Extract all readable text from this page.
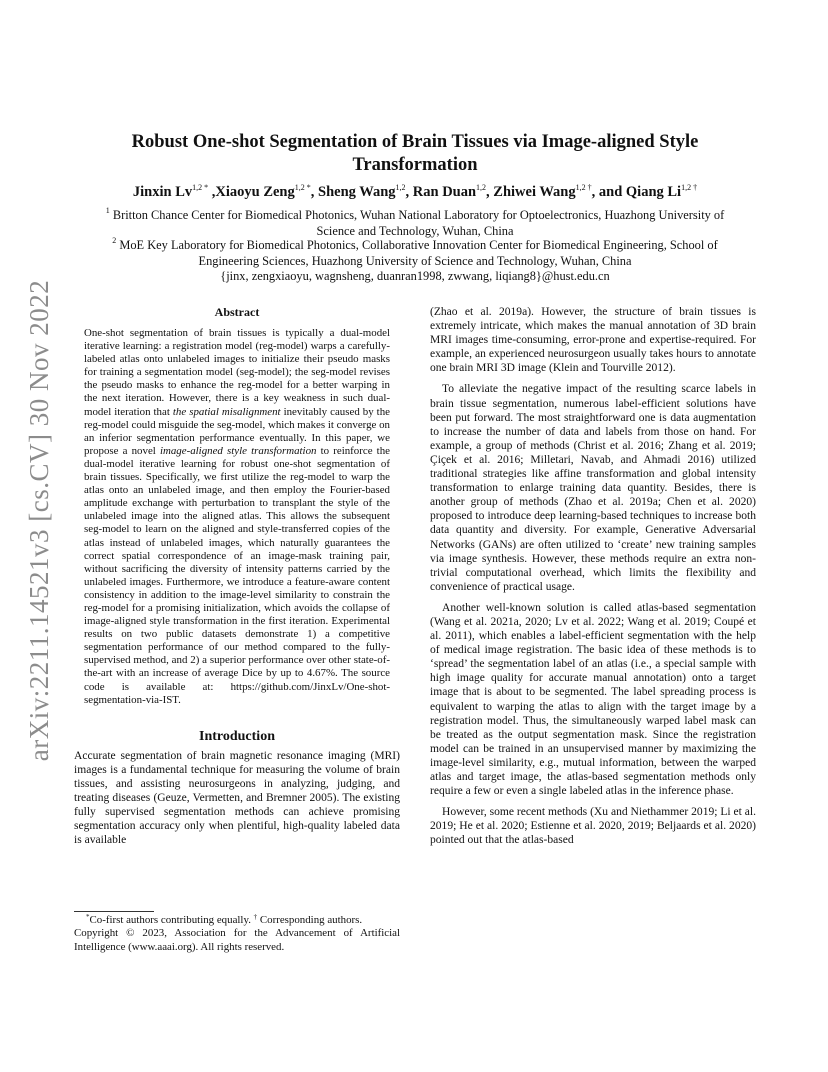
arXiv:2211.14521v3 [cs.CV] 30 Nov 2022
Robust One-shot Segmentation of Brain Tissues via Image-aligned Style
Transformation
Jinxin $Lv^{1,2 *}$ ,Xiaoyu Zeng$^{1,2 *}$, Sheng Wang$^{1,2}$, Ran Duan$^{1,2}$, Zhiwei Wang$^{1,2 \dagger}$, and Qiang $Li^{1,2 \dagger}$
$^1$ Britton Chance Center for Biomedical Photonics, Wuhan National Laboratory for Optoelectronics, Huazhong University of
Science and Technology, Wuhan, China
$^2$ MoE Key Laboratory for Biomedical Photonics, Collaborative Innovation Center for Biomedical Engineering, School of
Engineering Sciences, Huazhong University of Science and Technology, Wuhan, China
{jinx, zengxiaoyu, wagnsheng, duanran1998, zwwang, liqiang8}@hust.edu.cn
Abstract

One-shot segmentation of brain tissues is typically a dual-model iterative learning: a registration model (reg-model) warps a carefully-labeled atlas onto unlabeled images to initialize their pseudo masks for training a segmentation model (seg-model); the seg-model revises the pseudo masks to enhance the reg-model for a better warping in the next iteration. However, there is a key weakness in such dual-model iteration that the spatial misalignment inevitably caused by the reg-model could misguide the seg-model, which makes it converge on an inferior segmentation performance eventually. In this paper, we propose a novel image-aligned style transformation to reinforce the dual-model iterative learning for robust one-shot segmentation of brain tissues. Specifically, we first utilize the reg-model to warp the atlas onto an unlabeled image, and then employ the Fourier-based amplitude exchange with perturbation to transplant the style of the unlabeled image into the aligned atlas. This allows the subsequent seg-model to learn on the aligned and style-transferred copies of the atlas instead of unlabeled images, which naturally guarantees the correct spatial correspondence of an image-mask training pair, without sacrificing the diversity of intensity patterns carried by the unlabeled images. Furthermore, we introduce a feature-aware content consistency in addition to the image-level similarity to constrain the reg-model for a promising initialization, which avoids the collapse of image-aligned style transformation in the first iteration. Experimental results on two public datasets demonstrate 1) a competitive segmentation performance of our method compared to the fully-supervised method, and 2) a superior performance over other state-of-the-art with an increase of average Dice by up to 4.67%. The source code is available at: https://github.com/JinxLv/One-shot-segmentation-via-IST.

Introduction

Accurate segmentation of brain magnetic resonance imaging (MRI) images is a fundamental technique for measuring the volume of brain tissues, and assisting neurosurgeons in analyzing, judging, and treating diseases (Geuze, Vermetten, and Bremner 2005). The existing fully supervised segmentation methods can achieve promising segmentation accuracy only when plentiful, high-quality labeled data is available

(Zhao et al. 2019a). However, the structure of brain tissues is extremely intricate, which makes the manual annotation of 3D brain MRI images time-consuming, error-prone and expertise-required. For example, an experienced neurosurgeon usually takes hours to annotate one brain MRI 3D image (Klein and Tourville 2012).

To alleviate the negative impact of the resulting scarce labels in brain tissue segmentation, numerous label-efficient solutions have been put forward. The most straightforward one is data augmentation to increase the number of data and labels from those on hand. For example, a group of methods (Christ et al. 2016; Zhang et al. 2019; Çiçek et al. 2016; Milletari, Navab, and Ahmadi 2016) utilized traditional strategies like affine transformation and global intensity transformation to enlarge training data quantity. Besides, there is another group of methods (Zhao et al. 2019a; Chen et al. 2020) proposed to introduce deep learning-based techniques to increase both data quantity and diversity. For example, Generative Adversarial Networks (GANs) are often utilized to ‘create’ new training samples via image synthesis. However, these methods require an extra non-trivial computational overhead, which limits the flexibility and convenience of practical usage.

Another well-known solution is called atlas-based segmentation (Wang et al. 2021a, 2020; Lv et al. 2022; Wang et al. 2019; Coupé et al. 2011), which enables a label-efficient segmentation with the help of medical image registration. The basic idea of these methods is to ‘spread’ the segmentation label of an atlas (i.e., a special sample with high image quality for accurate manual annotation) onto a target image that is about to be segmented. The label spreading process is equivalent to warping the atlas to align with the target image by a registration model. Thus, the simultaneously warped label mask can be treated as the output segmentation mask. Since the registration model can be trained in an unsupervised manner by maximizing the image-level similarity, e.g., mutual information, between the warped atlas and target image, the atlas-based segmentation methods only require a few or even a single labeled atlas in the inference phase.

However, some recent methods (Xu and Niethammer 2019; Li et al. 2019; He et al. 2020; Estienne et al. 2020, 2019; Beljaards et al. 2020) pointed out that the atlas-based

*Co-first authors contributing equally. † Corresponding authors.

Copyright © 2023, Association for the Advancement of Artificial Intelligence (www.aaai.org). All rights reserved.
